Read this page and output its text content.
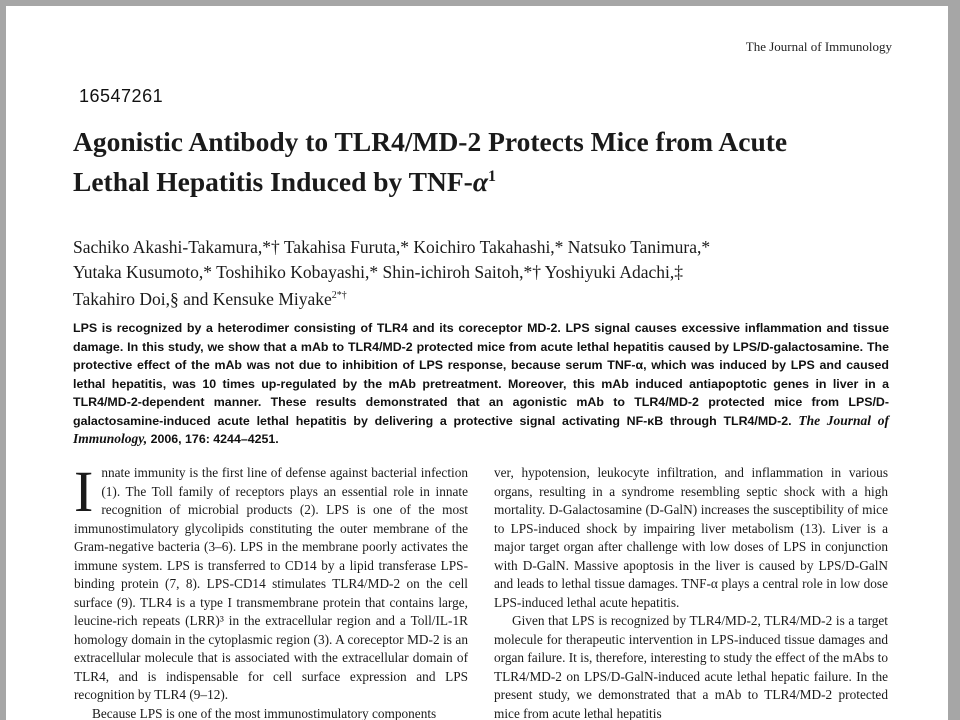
The Journal of Immunology
16547261
Agonistic Antibody to TLR4/MD-2 Protects Mice from Acute
Lethal Hepatitis Induced by TNF-$\alpha^1$
Sachiko Akashi-Takamura,*† Takahisa Furuta,* Koichiro Takahashi,* Natsuko Tanimura,*
Yutaka Kusumoto,* Toshihiko Kobayashi,* Shin-ichiroh Saitoh,*† Yoshiyuki Adachi,‡
Takahiro Doi,§ and Kensuke Miyake$^{2*\dagger}$
LPS is recognized by a heterodimer consisting of TLR4 and its coreceptor MD-2. LPS signal causes excessive inflammation and tissue damage. In this study, we show that a mAb to TLR4/MD-2 protected mice from acute lethal hepatitis caused by LPS/D-galactosamine. The protective effect of the mAb was not due to inhibition of LPS response, because serum TNF-α, which was induced by LPS and caused lethal hepatitis, was 10 times up-regulated by the mAb pretreatment. Moreover, this mAb induced antiapoptotic genes in liver in a TLR4/MD-2-dependent manner. These results demonstrated that an agonistic mAb to TLR4/MD-2 protected mice from LPS/D-galactosamine-induced acute lethal hepatitis by delivering a protective signal activating NF-κB through TLR4/MD-2. The Journal of Immunology, 2006, 176: 4244–4251.

Innate immunity is the first line of defense against bacterial infection (1). The Toll family of receptors plays an essential role in innate recognition of microbial products (2). LPS is one of the most immunostimulatory glycolipids constituting the outer membrane of the Gram-negative bacteria (3–6). LPS in the membrane poorly activates the immune system. LPS is transferred to CD14 by a lipid transferase LPS-binding protein (7, 8). LPS-CD14 stimulates TLR4/MD-2 on the cell surface (9). TLR4 is a type I transmembrane protein that contains large, leucine-rich repeats (LRR)³ in the extracellular region and a Toll/IL-1R homology domain in the cytoplasmic region (3). A coreceptor MD-2 is an extracellular molecule that is associated with the extracellular domain of TLR4, and is indispensable for cell surface expression and LPS recognition by TLR4 (9–12).

Because LPS is one of the most immunostimulatory components

ver, hypotension, leukocyte infiltration, and inflammation in various organs, resulting in a syndrome resembling septic shock with a high mortality. D-Galactosamine (D-GalN) increases the susceptibility of mice to LPS-induced shock by impairing liver metabolism (13). Liver is a major target organ after challenge with low doses of LPS in conjunction with D-GalN. Massive apoptosis in the liver is caused by LPS/D-GalN and leads to lethal tissue damages. TNF-α plays a central role in low dose LPS-induced lethal acute hepatitis.

Given that LPS is recognized by TLR4/MD-2, TLR4/MD-2 is a target molecule for therapeutic intervention in LPS-induced tissue damages and organ failure. It is, therefore, interesting to study the effect of the mAbs to TLR4/MD-2 on LPS/D-GalN-induced acute lethal hepatic failure. In the present study, we demonstrated that a mAb to TLR4/MD-2 protected mice from acute lethal hepatitis
